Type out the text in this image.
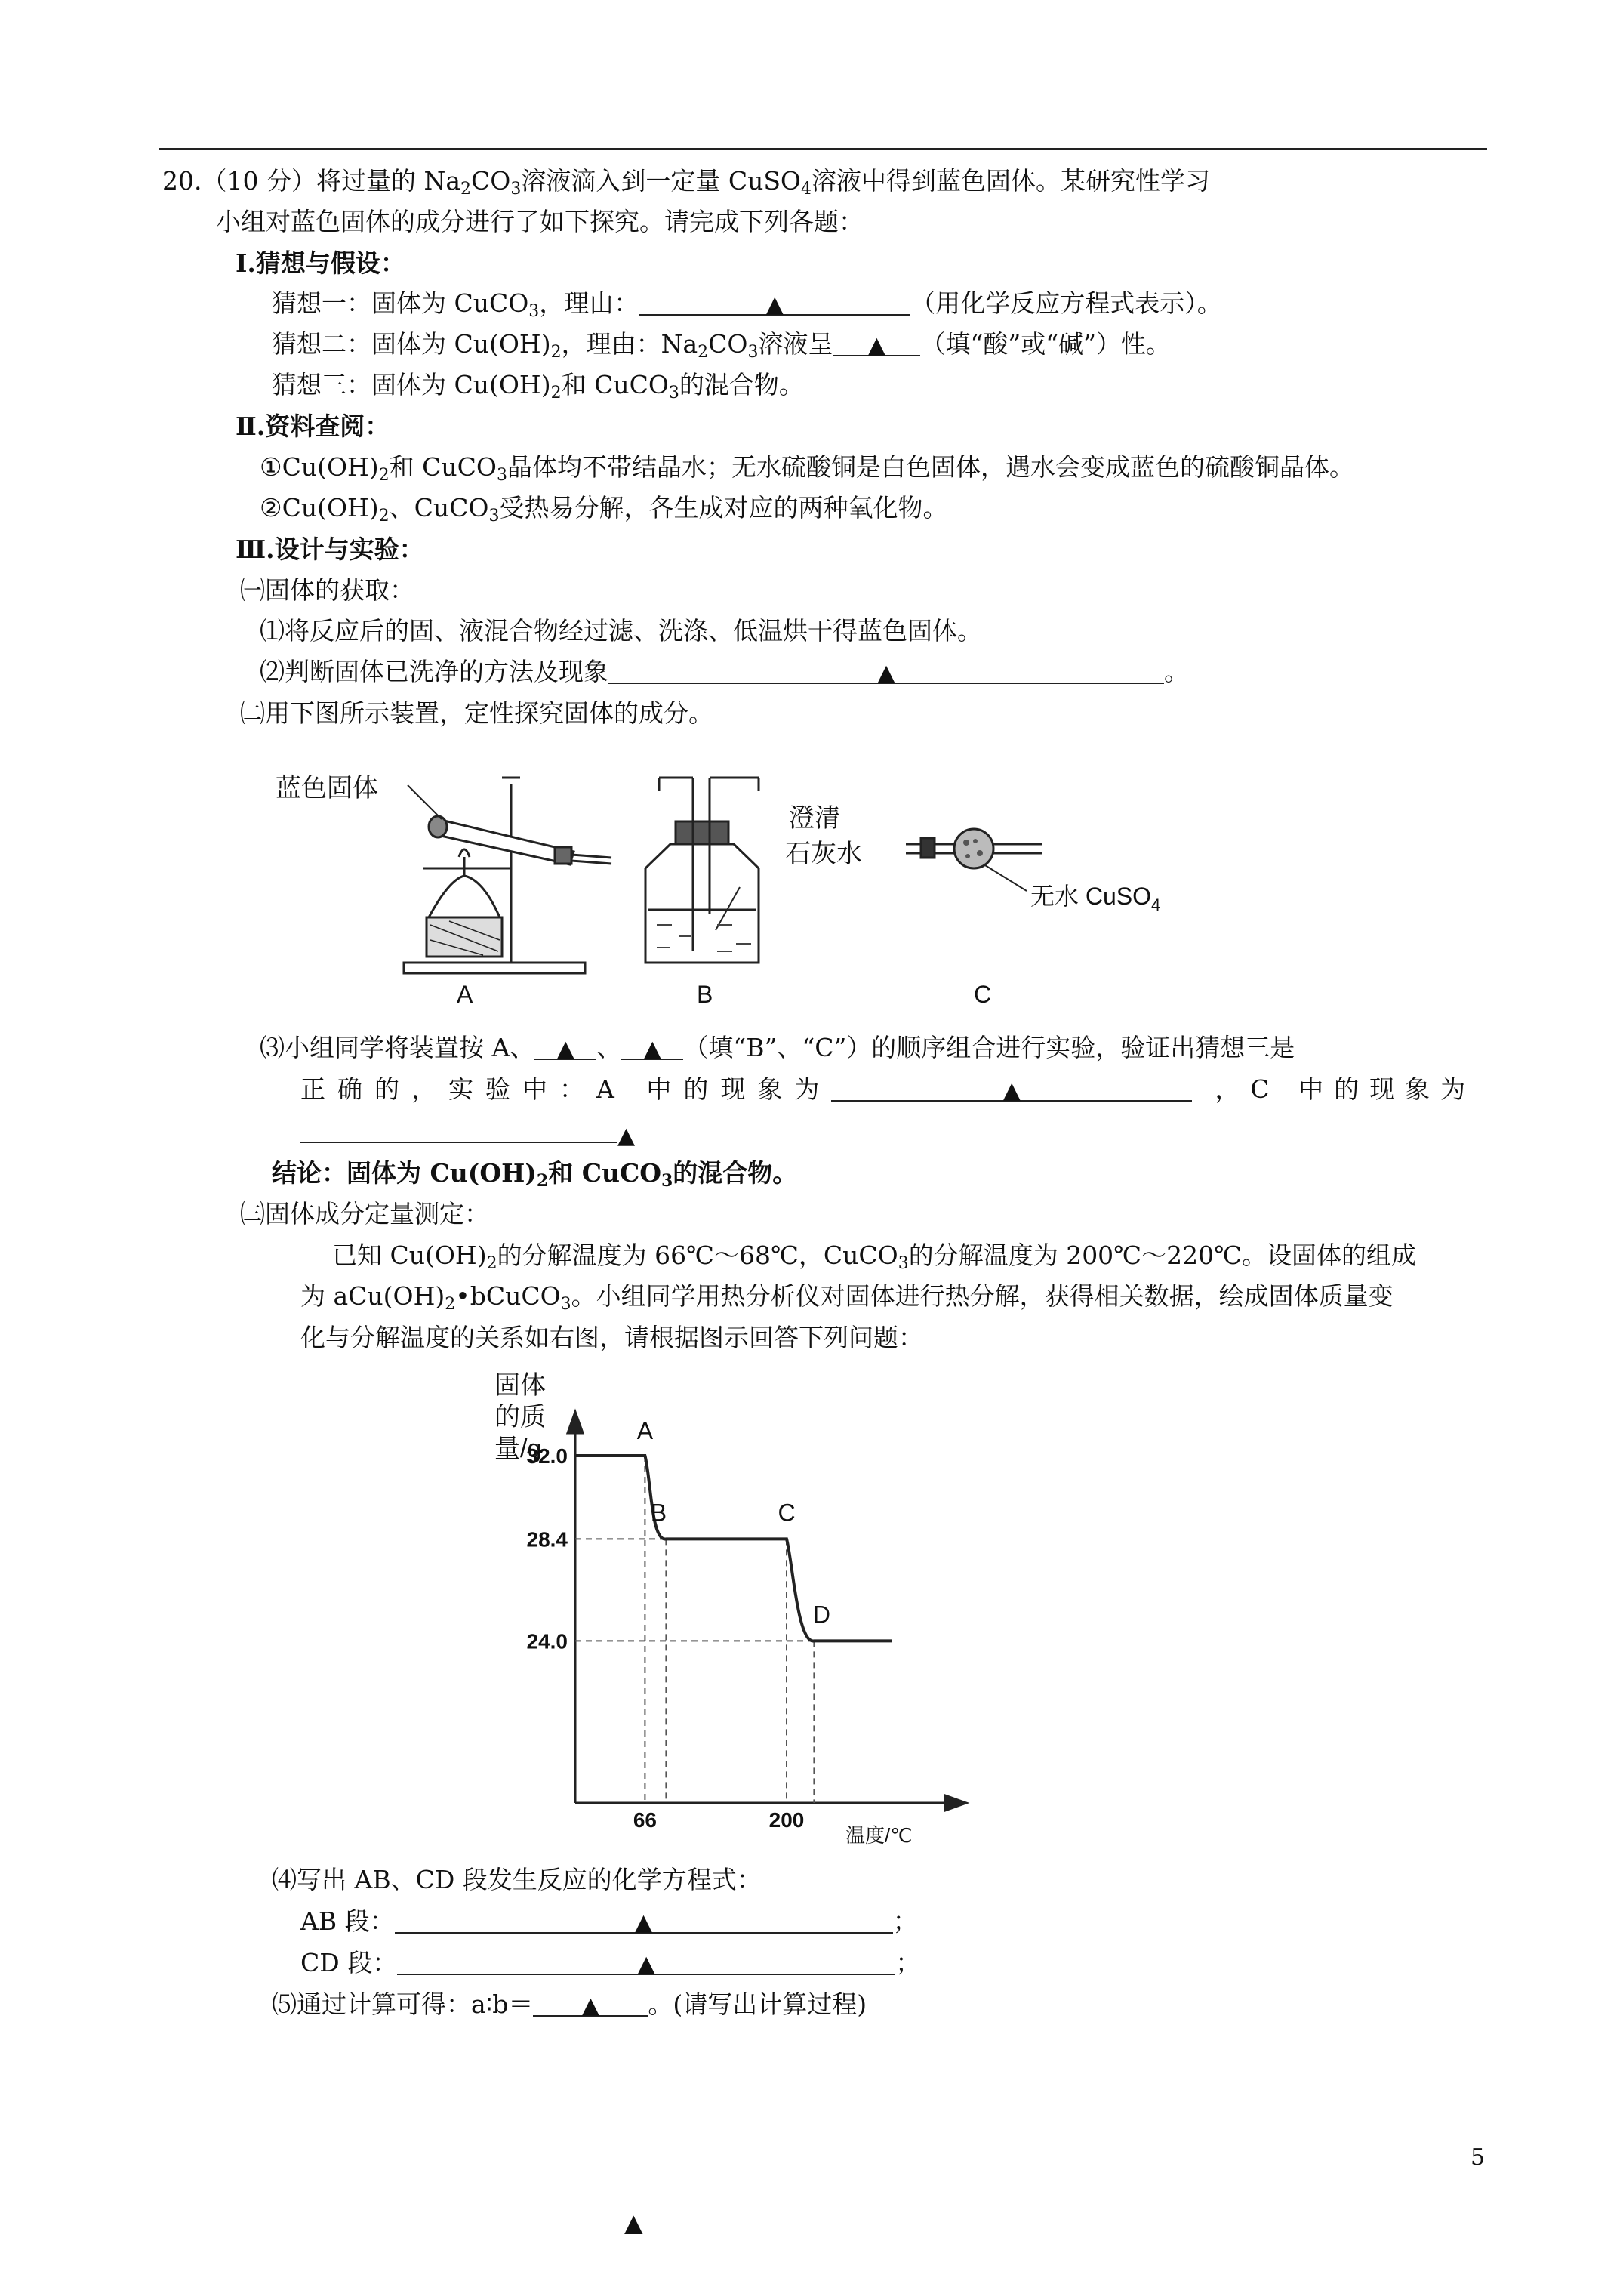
20.（10 分）将过量的 $Na_2CO_3$溶液滴入到一定量 CuSO$_4$溶液中得到蓝色固体。某研究性学习
小组对蓝色固体的成分进行了如下探究。请完成下列各题：
Ⅰ.猜想与假设：
猜想一：固体为 CuCO$_3$，理由：	▲	（用化学反应方程式表示）。
猜想二：固体为 $Cu(OH)_2$，理由：$Na_2CO_3$溶液呈 ▲ （填“酸”或“碱”）性。
猜想三：固体为 $Cu(OH)_2$和 CuCO$_3$的混合物。
Ⅱ.资料查阅：
$①Cu(OH)_2$和 CuCO$_3$晶体均不带结晶水；无水硫酸铜是白色固体，遇水会变成蓝色的硫酸铜晶体。
$②Cu(OH)_2$、CuCO$_3$受热易分解，各生成对应的两种氧化物。
Ⅲ.设计与实验：
㈠固体的获取：
⑴将反应后的固、液混合物经过滤、洗涤、低温烘干得蓝色固体。
⑵判断固体已洗净的方法及现象	▲	。
㈡用下图所示装置，定性探究固体的成分。
蓝色固体
A
澄清
石灰水
B
无水 CuSO$_4$
C
⑶小组同学将装置按 A、 ▲ 、 ▲ （填“B”、“C”）的顺序组合进行实验，验证出猜想三是
正确的，实验中：A 中的现象为	▲	，C 中的现象为
▲
结论：固体为 $Cu(OH)_2$和 CuCO$_3$的混合物。
㈢固体成分定量测定：
已知 $Cu(OH)_2$的分解温度为 66℃～68℃，CuCO$_3$的分解温度为 200℃～220℃。设固体的组成
为 $aCu(OH)_2•bCuCO_3$。小组同学用热分析仪对固体进行热分解，获得相关数据，绘成固体质量变
化与分解温度的关系如右图，请根据图示回答下列问题：
固体
的质
量/g
32.0
28.4
24.0
66	200
A
B	C
D
温度/℃
⑷写出 AB、CD 段发生反应的化学方程式：
AB 段：	▲	；
CD 段：	▲	；
⑸通过计算可得：a∶b＝ ▲ 。(请写出计算过程)
5
▲
